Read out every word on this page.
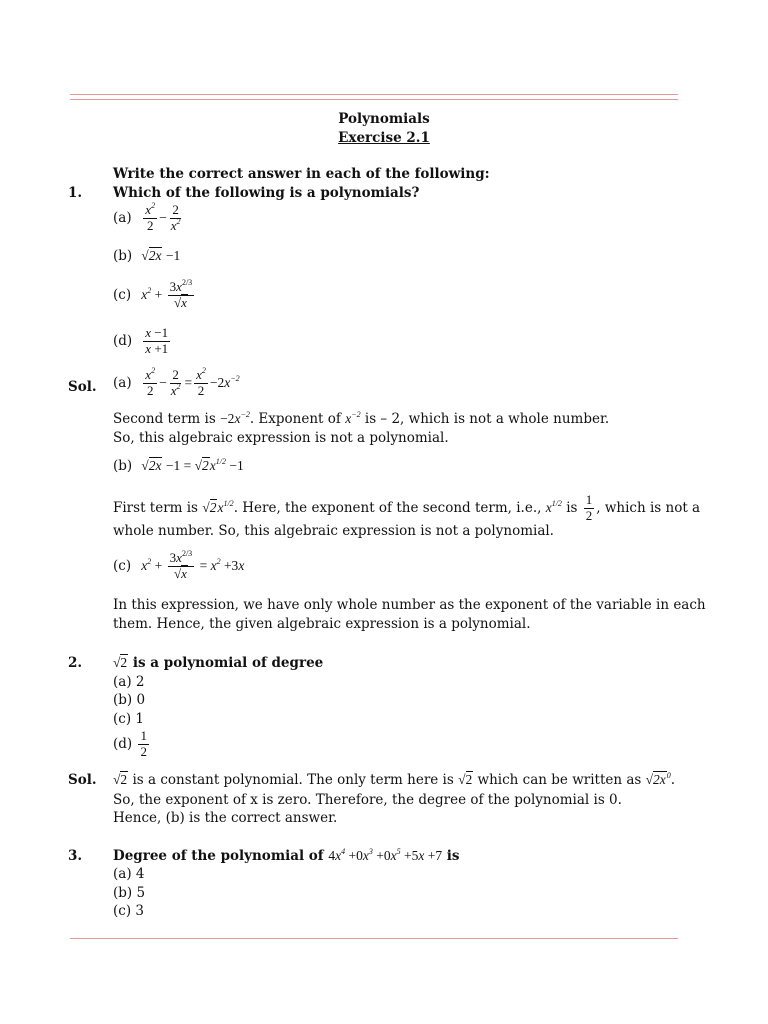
Polynomials
Exercise 2.1
Write the correct answer in each of the following:
1. Which of the following is a polynomials?
$(a) \frac{x^2}{2} - \frac{2}{x^2}$
(b) √2x −1
(c) $x^2 + \frac{3x^{2/3}}{√x}$
$(d) \frac{x -1}{x +1}$
Sol. $(a) \frac{x^2}{2} - \frac{2}{x^2} = \frac{x^2}{2} -2x^{-2}$
Second term is $-2x^{-2}$. Exponent of $x^{-2}$ is – 2, which is not a whole number.
So, this algebraic expression is not a polynomial.
(b) $√2x -1 = √2x^{1/2} -1$
First term is $√2x^{1/2}$. Here, the exponent of the second term, i.e., $x^{1/2}$ is $\frac{1}{2}$ , which is not a
whole number. So, this algebraic expression is not a polynomial.
(c) $x^2 + \frac{3x^{2/3}}{√x} = x^2 +3x$
In this expression, we have only whole number as the exponent of the variable in each
them. Hence, the given algebraic expression is a polynomial.
2. √2 is a polynomial of degree
(a) 2
(b) 0
(c) 1
$(d) \frac{1}{2}$
Sol. √2 is a constant polynomial. The only term here is √2 which can be written as $√2x^0$.
So, the exponent of x is zero. Therefore, the degree of the polynomial is 0.
Hence, (b) is the correct answer.
3. Degree of the polynomial of $4x^4 +0x^3 +0x^5 +5x +7$ is
(a) 4
(b) 5
(c) 3
